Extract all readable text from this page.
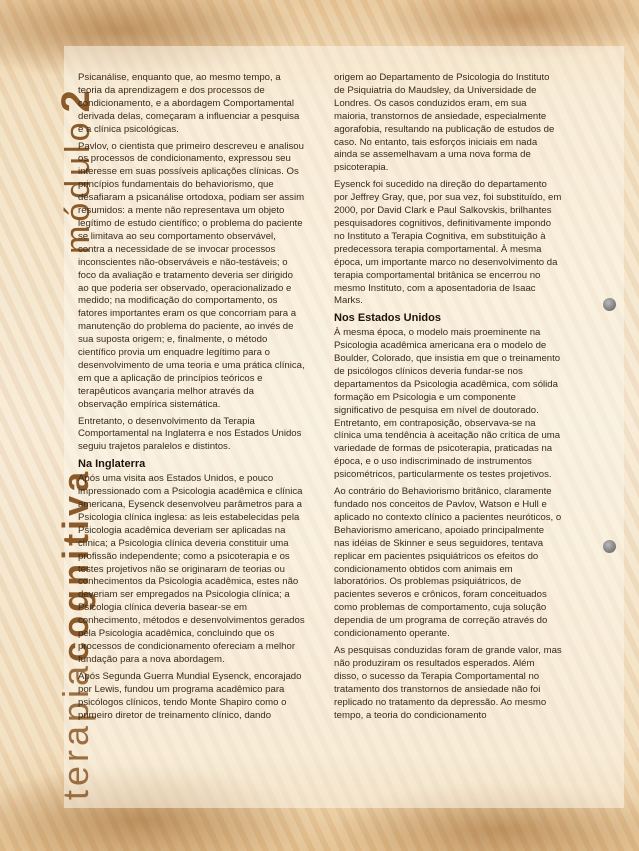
terapiacognitiva
módulo2

Psicanálise, enquanto que, ao mesmo tempo, a teoria da aprendizagem e dos processos de condicionamento, e a abordagem Comportamental derivada delas, começaram a influenciar a pesquisa e a clínica psicológicas.

Pavlov, o cientista que primeiro descreveu e analisou os processos de condicionamento, expressou seu interesse em suas possíveis aplicações clínicas. Os princípios fundamentais do behaviorismo, que desafiaram a psicanálise ortodoxa, podiam ser assim resumidos: a mente não representava um objeto legítimo de estudo científico; o problema do paciente se limitava ao seu comportamento observável, contra a necessidade de se invocar processos inconscientes não-observáveis e não-testáveis; o foco da avaliação e tratamento deveria ser dirigido ao que poderia ser observado, operacionalizado e medido; na modificação do comportamento, os fatores importantes eram os que concorriam para a manutenção do problema do paciente, ao invés de sua suposta origem; e, finalmente, o método científico provia um enquadre legítimo para o desenvolvimento de uma teoria e uma prática clínica, em que a aplicação de princípios teóricos e terapêuticos avançaria melhor através da observação empírica sistemática.

Entretanto, o desenvolvimento da Terapia Comportamental na Inglaterra e nos Estados Unidos seguiu trajetos paralelos e distintos.

Na Inglaterra

Após uma visita aos Estados Unidos, e pouco impressionado com a Psicologia acadêmica e clínica americana, Eysenck desenvolveu parâmetros para a Psicologia clínica inglesa: as leis estabelecidas pela Psicologia acadêmica deveriam ser aplicadas na clínica; a Psicologia clínica deveria constituir uma profissão independente; como a psicoterapia e os testes projetivos não se originaram de teorias ou conhecimentos da Psicologia acadêmica, estes não deveriam ser empregados na Psicologia clínica; a Psicologia clínica deveria basear-se em conhecimento, métodos e desenvolvimentos gerados pela Psicologia acadêmica, concluindo que os processos de condicionamento ofereciam a melhor fundação para a nova abordagem.

Após Segunda Guerra Mundial Eysenck, encorajado por Lewis, fundou um programa acadêmico para psicólogos clínicos, tendo Monte Shapiro como o primeiro diretor de treinamento clínico, dando

origem ao Departamento de Psicologia do Instituto de Psiquiatria do Maudsley, da Universidade de Londres. Os casos conduzidos eram, em sua maioria, transtornos de ansiedade, especialmente agorafobia, resultando na publicação de estudos de caso. No entanto, tais esforços iniciais em nada ainda se assemelhavam a uma nova forma de psicoterapia.

Eysenck foi sucedido na direção do departamento por Jeffrey Gray, que, por sua vez, foi substituído, em 2000, por David Clark e Paul Salkovskis, brilhantes pesquisadores cognitivos, definitivamente impondo no Instituto a Terapia Cognitiva, em substituição à predecessora terapia comportamental. À mesma época, um importante marco no desenvolvimento da terapia comportamental britânica se encerrou no mesmo Instituto, com a aposentadoria de Isaac Marks.

Nos Estados Unidos

À mesma época, o modelo mais proeminente na Psicologia acadêmica americana era o modelo de Boulder, Colorado, que insistia em que o treinamento de psicólogos clínicos deveria fundar-se nos departamentos da Psicologia acadêmica, com sólida formação em Psicologia e um componente significativo de pesquisa em nível de doutorado. Entretanto, em contraposição, observava-se na clínica uma tendência à aceitação não crítica de uma variedade de formas de psicoterapia, praticadas na época, e o uso indiscriminado de instrumentos psicométricos, particularmente os testes projetivos.

Ao contrário do Behaviorismo britânico, claramente fundado nos conceitos de Pavlov, Watson e Hull e aplicado no contexto clínico a pacientes neuróticos, o Behaviorismo americano, apoiado principalmente nas idéias de Skinner e seus seguidores, tentava replicar em pacientes psiquiátricos os efeitos do condicionamento obtidos com animais em laboratórios. Os problemas psiquiátricos, de pacientes severos e crônicos, foram conceituados como problemas de comportamento, cuja solução dependia de um programa de correção através do condicionamento operante.

As pesquisas conduzidas foram de grande valor, mas não produziram os resultados esperados. Além disso, o sucesso da Terapia Comportamental no tratamento dos transtornos de ansiedade não foi replicado no tratamento da depressão. Ao mesmo tempo, a teoria do condicionamento
